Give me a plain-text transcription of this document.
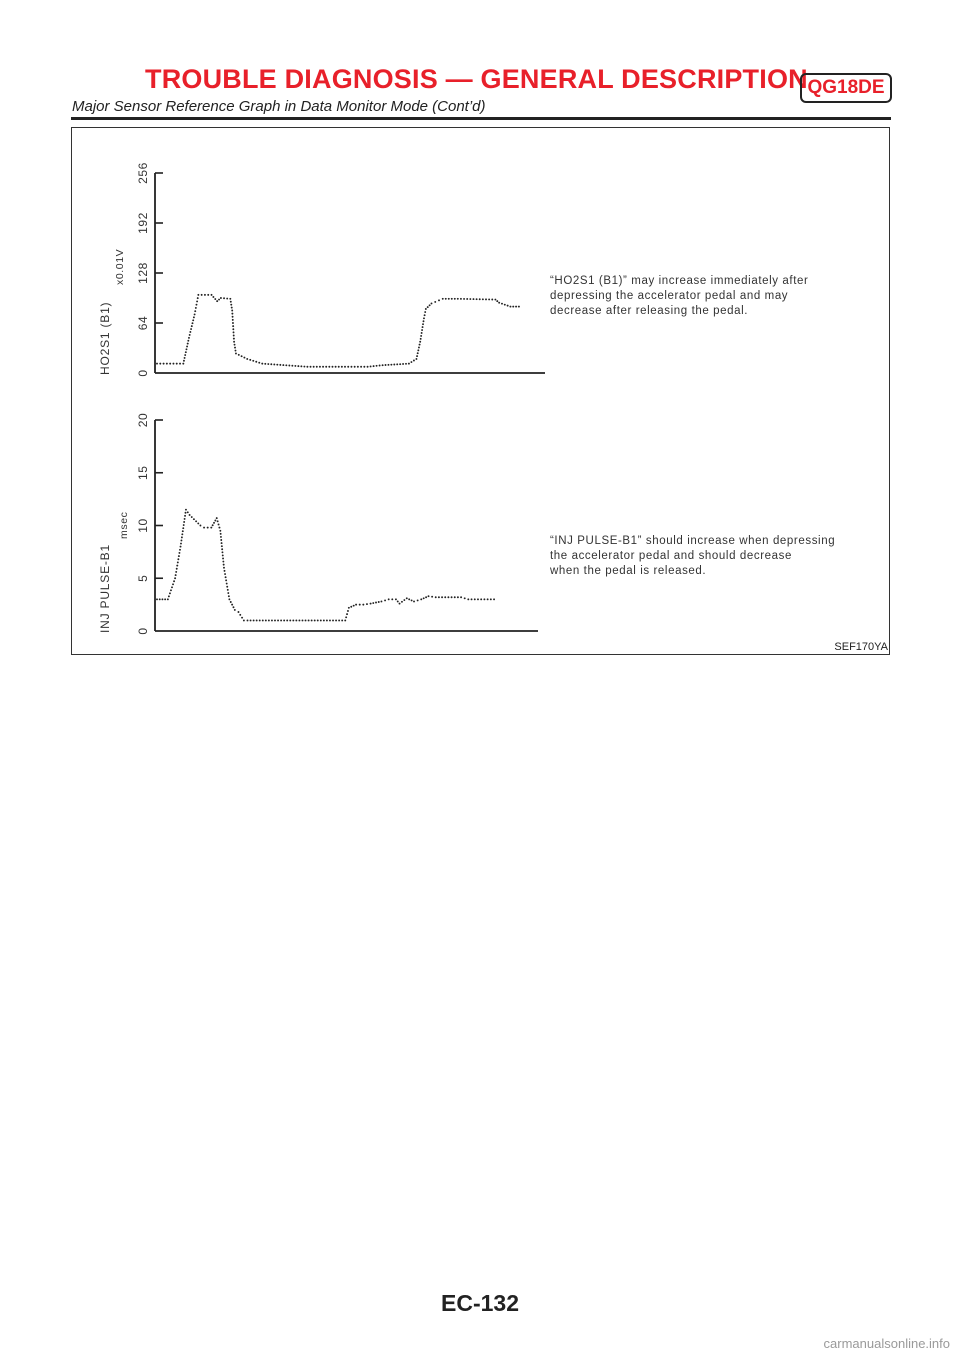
TROUBLE DIAGNOSIS — GENERAL DESCRIPTION QG18DE
Major Sensor Reference Graph in Data Monitor Mode (Cont’d)
0
64
128
192
256
HO2S1 (B1)
x0.01V
0
5
10
15
20
INJ PULSE-B1
msec
“HO2S1 (B1)” may increase immediately after
depressing the accelerator pedal and may
decrease after releasing the pedal.
“INJ PULSE-B1” should increase when depressing
the accelerator pedal and should decrease
when the pedal is released.
SEF170YA
EC-132
carmanualsonline.info
